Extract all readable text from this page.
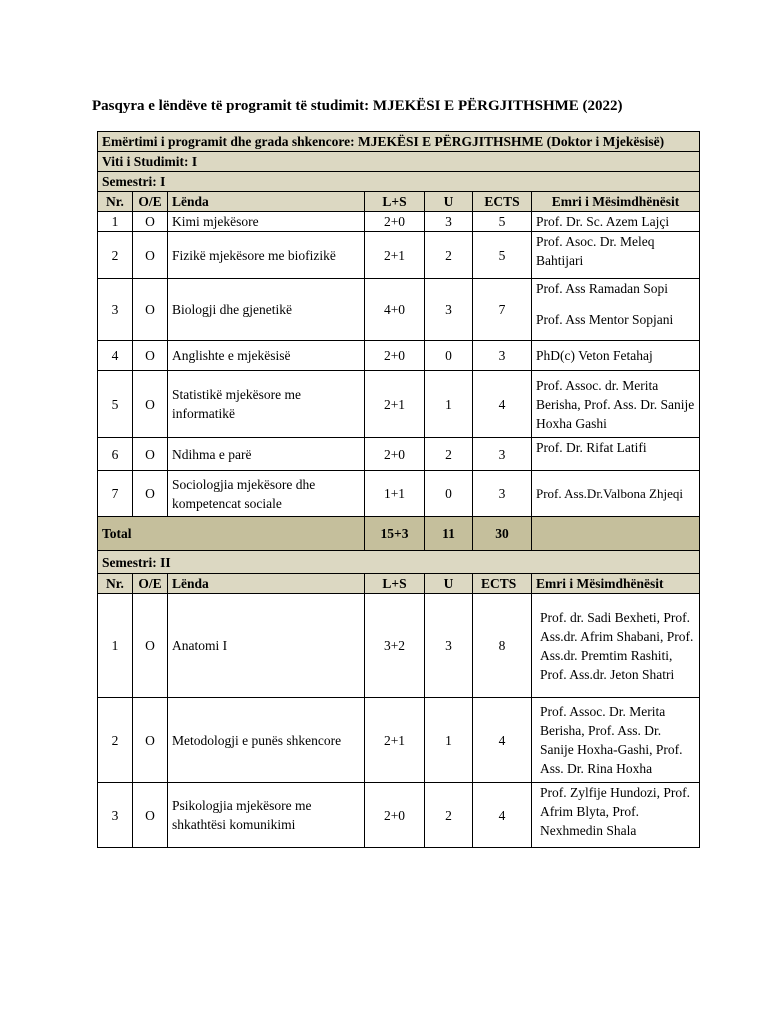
Pasqyra e lëndëve të programit të studimit: MJEKËSI E PËRGJITHSHME (2022)
Emërtimi i programit dhe grada shkencore: MJEKËSI E PËRGJITHSHME (Doktor i Mjekësisë)						
Viti i Studimit: I						
Semestri: I						
Nr.	O/E	Lënda	L+S	U	ECTS	Emri i Mësimdhënësit
1	O	Kimi mjekësore	2+0	3	5	Prof. Dr. Sc. Azem Lajçi
2	O	Fizikë mjekësore me biofizikë	2+1	2	5	Prof. Asoc. Dr. Meleq Bahtijari
3	O	Biologji dhe gjenetikë	4+0	3	7	Prof. Ass Ramadan Sopi
Prof. Ass Mentor Sopjani

4	O	Anglishte e mjekësisë	2+0	0	3	PhD(c) Veton Fetahaj
5	O	Statistikë mjekësore me informatikë	2+1	1	4	Prof. Assoc. dr. Merita Berisha, Prof. Ass. Dr. Sanije Hoxha Gashi
6	O	Ndihma e parë	2+0	2	3	Prof. Dr. Rifat Latifi
7	O	Sociologjia mjekësore dhe kompetencat sociale	1+1	0	3	Prof. Ass.Dr.Valbona Zhjeqi
Total			15+3	11	30	
Semestri: II						
Nr.	O/E	Lënda	L+S	U	ECTS	Emri i Mësimdhënësit
1	O	Anatomi I	3+2	3	8	Prof. dr. Sadi Bexheti, Prof. Ass.dr. Afrim Shabani, Prof. Ass.dr. Premtim Rashiti, Prof. Ass.dr. Jeton Shatri
2	O	Metodologji e punës shkencore	2+1	1	4	Prof. Assoc. Dr. Merita Berisha, Prof. Ass. Dr. Sanije Hoxha-Gashi, Prof. Ass. Dr. Rina Hoxha
3	O	Psikologjia mjekësore me shkathtësi komunikimi	2+0	2	4	Prof. Zylfije Hundozi, Prof. Afrim Blyta, Prof. Nexhmedin Shala
